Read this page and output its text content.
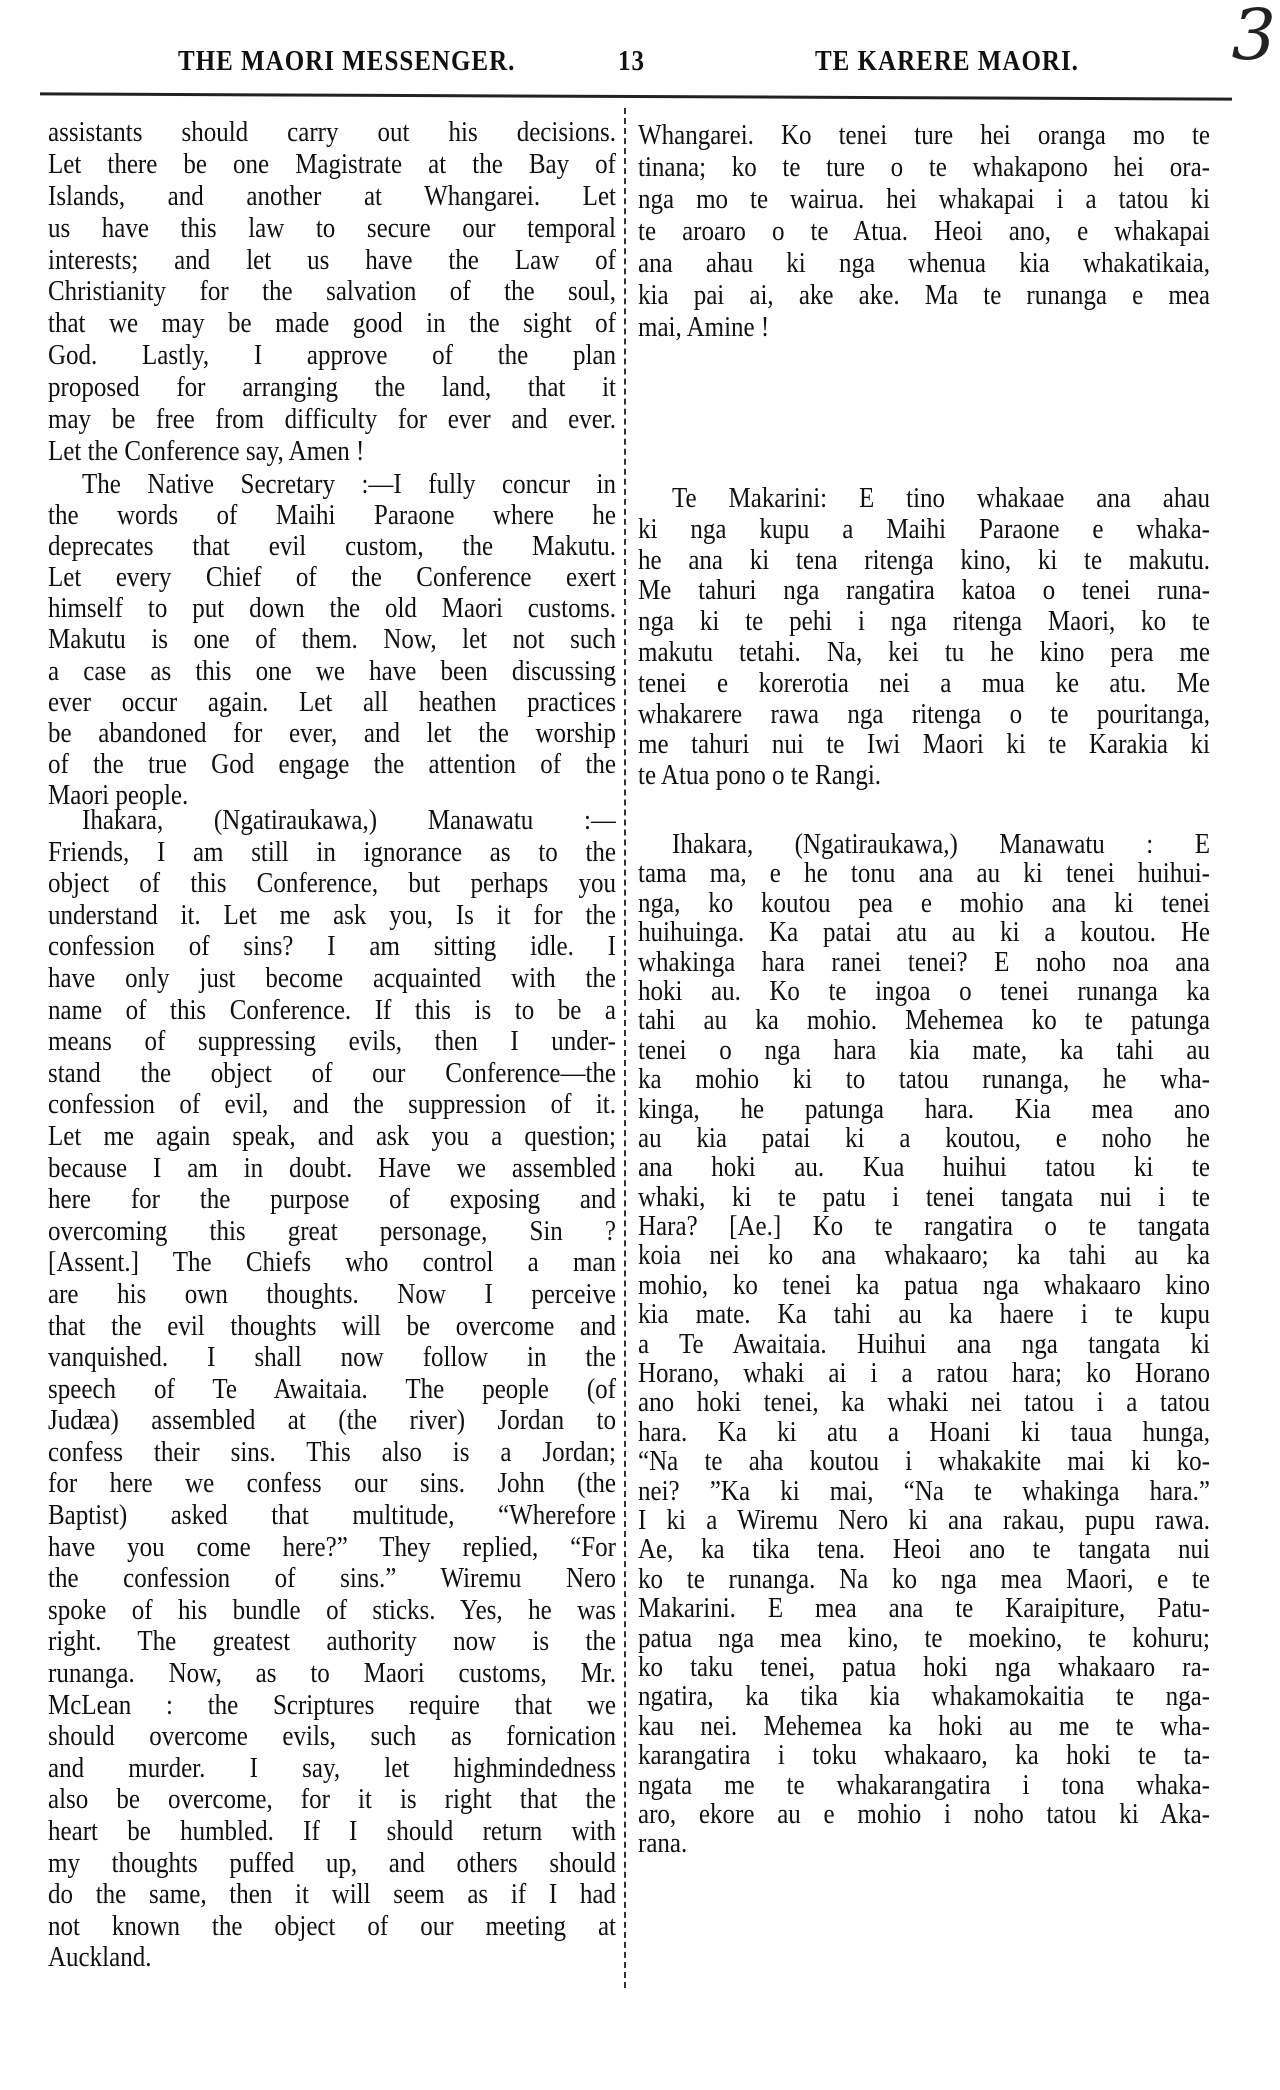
3
THE MAORI MESSENGER.	13	TE KARERE MAORI.
assistants should carry out his decisions.
Let there be one Magistrate at the Bay of
Islands, and another at Whangarei. Let
us have this law to secure our temporal
interests; and let us have the Law of
Christianity for the salvation of the soul,
that we may be made good in the sight of
God. Lastly, I approve of the plan
proposed for arranging the land, that it
may be free from difficulty for ever and ever.
Let the Conference say, Amen !
The Native Secretary :—I fully concur in
the words of Maihi Paraone where he
deprecates that evil custom, the Makutu.
Let every Chief of the Conference exert
himself to put down the old Maori customs.
Makutu is one of them. Now, let not such
a case as this one we have been discussing
ever occur again. Let all heathen practices
be abandoned for ever, and let the worship
of the true God engage the attention of the
Maori people.
Ihakara, (Ngatiraukawa,) Manawatu :—
Friends, I am still in ignorance as to the
object of this Conference, but perhaps you
understand it. Let me ask you, Is it for the
confession of sins? I am sitting idle. I
have only just become acquainted with the
name of this Conference. If this is to be a
means of suppressing evils, then I under-
stand the object of our Conference—the
confession of evil, and the suppression of it.
Let me again speak, and ask you a question;
because I am in doubt. Have we assembled
here for the purpose of exposing and
overcoming this great personage, Sin ?
[Assent.] The Chiefs who control a man
are his own thoughts. Now I perceive
that the evil thoughts will be overcome and
vanquished. I shall now follow in the
speech of Te Awaitaia. The people (of
Judæa) assembled at (the river) Jordan to
confess their sins. This also is a Jordan;
for here we confess our sins. John (the
Baptist) asked that multitude, “Wherefore
have you come here?” They replied, “For
the confession of sins.” Wiremu Nero
spoke of his bundle of sticks. Yes, he was
right. The greatest authority now is the
runanga. Now, as to Maori customs, Mr.
McLean : the Scriptures require that we
should overcome evils, such as fornication
and murder. I say, let highmindedness
also be overcome, for it is right that the
heart be humbled. If I should return with
my thoughts puffed up, and others should
do the same, then it will seem as if I had
not known the object of our meeting at
Auckland.
Whangarei. Ko tenei ture hei oranga mo te
tinana; ko te ture o te whakapono hei ora-
nga mo te wairua. hei whakapai i a tatou ki
te aroaro o te Atua. Heoi ano, e whakapai
ana ahau ki nga whenua kia whakatikaia,
kia pai ai, ake ake. Ma te runanga e mea
mai, Amine !
Te Makarini: E tino whakaae ana ahau
ki nga kupu a Maihi Paraone e whaka-
he ana ki tena ritenga kino, ki te makutu.
Me tahuri nga rangatira katoa o tenei runa-
nga ki te pehi i nga ritenga Maori, ko te
makutu tetahi. Na, kei tu he kino pera me
tenei e korerotia nei a mua ke atu. Me
whakarere rawa nga ritenga o te pouritanga,
me tahuri nui te Iwi Maori ki te Karakia ki
te Atua pono o te Rangi.
Ihakara, (Ngatiraukawa,) Manawatu : E
tama ma, e he tonu ana au ki tenei huihui-
nga, ko koutou pea e mohio ana ki tenei
huihuinga. Ka patai atu au ki a koutou. He
whakinga hara ranei tenei? E noho noa ana
hoki au. Ko te ingoa o tenei runanga ka
tahi au ka mohio. Mehemea ko te patunga
tenei o nga hara kia mate, ka tahi au
ka mohio ki to tatou runanga, he wha-
kinga, he patunga hara. Kia mea ano
au kia patai ki a koutou, e noho he
ana hoki au. Kua huihui tatou ki te
whaki, ki te patu i tenei tangata nui i te
Hara? [Ae.] Ko te rangatira o te tangata
koia nei ko ana whakaaro; ka tahi au ka
mohio, ko tenei ka patua nga whakaaro kino
kia mate. Ka tahi au ka haere i te kupu
a Te Awaitaia. Huihui ana nga tangata ki
Horano, whaki ai i a ratou hara; ko Horano
ano hoki tenei, ka whaki nei tatou i a tatou
hara. Ka ki atu a Hoani ki taua hunga,
“Na te aha koutou i whakakite mai ki ko-
nei? ”Ka ki mai, “Na te whakinga hara.”
I ki a Wiremu Nero ki ana rakau, pupu rawa.
Ae, ka tika tena. Heoi ano te tangata nui
ko te runanga. Na ko nga mea Maori, e te
Makarini. E mea ana te Karaipiture, Patu-
patua nga mea kino, te moekino, te kohuru;
ko taku tenei, patua hoki nga whakaaro ra-
ngatira, ka tika kia whakamokaitia te nga-
kau nei. Mehemea ka hoki au me te wha-
karangatira i toku whakaaro, ka hoki te ta-
ngata me te whakarangatira i tona whaka-
aro, ekore au e mohio i noho tatou ki Aka-
rana.
